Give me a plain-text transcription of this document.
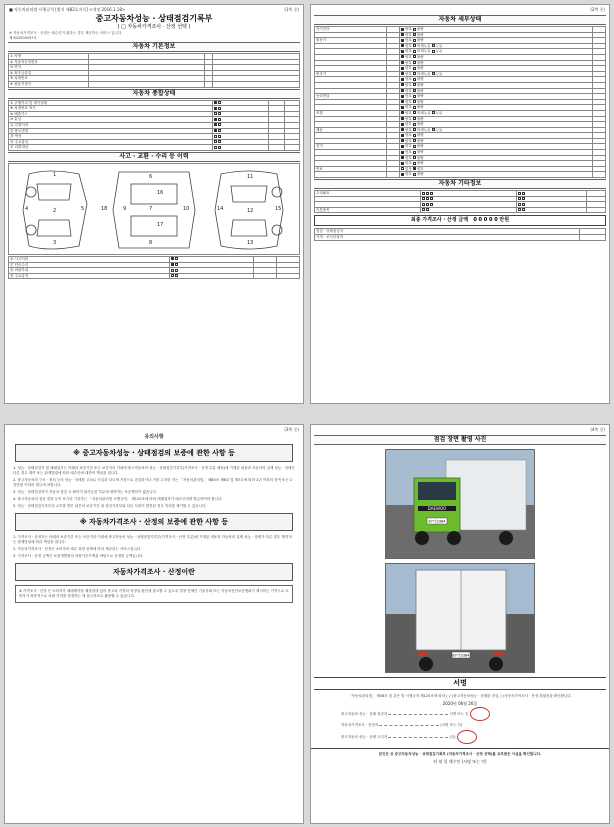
■ 자동차관리법 시행규칙 [별지 제82호서식] <개정 2016.1.18>	(1쪽 중)
중고자동차성능 · 상태점검기록부
( □ 자동차가격조사 · 산정 선택 )
※ 자동차가격조사 · 산정은 매수인이 원하는 경우 제공하는 서비스 입니다.
제 842000097호
자동차 기본정보
① 차명			
② 자동차등록번호			
③ 연식			
④ 최초등록일			
⑤ 차대번호			
⑥ 원동기형식			
자동차 종합상태
⑦ 주행거리 및 계기상태			
⑧ 차대번호 표기			
⑨ 배출가스			
⑩ 튜닝			
⑪ 특별이력			
⑫ 용도변경			
⑬ 색상			
⑭ 주요옵션			
⑮ 리콜대상			
사고 · 교환 · 수리 등 이력
1
2
3
4	5
6
7
8
9	10
11
12
13
14	15
16
17
18
⑯ 사고이력			
⑰ 단순수리			
⑱ 외판부위			
⑲ 주요골격			
(2쪽 중)
자동차 세부상태
자기진단		양호 불량	
		양호 불량	
원동기		양호 불량	
		양호 미세누유 누유	
		양호 미세누유 누유	
		양호 불량	
		양호 불량	
		양호 불량	
변속기		양호 미세누유 누유	
		양호 불량	
		양호 불량	
		양호 불량	
동력전달		양호 불량	
		양호 불량	
		양호 불량	
조향		양호 미세누유 누유	
		양호 불량	
		양호 불량	
제동		양호 미세누유 누유	
		양호 불량	
		양호 불량	
전기		양호 불량	
		양호 불량	
		양호 불량	
		양호 불량	
연료		없음 양호	
		양호 불량	
자동차 기타정보
수리필요			

기본품목			
최종 가격조사 · 산정 금액 0 0 0 0 0 만원
점검 · 상태점검자	
가격 · 조사산정자	
(3쪽 중)
유의사항
※ 중고자동차성능 · 상태점검의 보증에 관한 사항 등
1. 성능 · 상태점검자 및 매매업자는 아래의 보증기간 또는 보증거리 이내에 중고자동차의 성능 · 상태점검기록부(가격조사 · 산정 부분 제외)에 기재된 내용과 자동차의 실제 성능 · 상태가 다른 경우 계약 또는 관계법령에 따라 매수인에 대하여 책임을 집니다.
2. 중고자동차의 구조 · 장치 등의 성능 · 상태를 고의로 사실과 다르게 거짓으로 점검하거나 거짓 고지한 자는 「자동차관리법」 제80조 제6호 및 제7호에 따라 2년 이하의 징역 또는 2천만원 이하의 벌금에 처합니다.
3. 성능 · 상태점검자가 자동차 점검 시 확인이 불가능한 부분에 대하여는 보증책임이 없습니다.
4. 중고자동차의 점검 결과 등이 표기된 기록부는 「자동차관리법 시행규칙」 제120조에 따라 매매업자가 매수인에게 발급하여야 합니다.
5. 성능 · 상태점검기록부의 교부를 받은 날부터 보증기간 내 점검기록부와 다른 사항이 발견된 경우 이의를 제기할 수 있습니다.
※ 자동차가격조사 · 산정의 보증에 관한 사항 등
1. 가격조사 · 산정자는 아래의 보증기간 또는 보증거리 이내에 중고자동차 성능 · 상태점검기록부(가격조사 · 산정 부분)에 기재된 내용과 자동차의 실제 성능 · 상태가 다른 경우 계약 또는 관계법령에 따라 책임을 집니다.
2. 자동차가격조사 · 산정은 소비자의 매수 희망 선택에 따라 제공되는 서비스입니다.
3. 가격조사 · 산정 금액은 보험개발원의 차량기준가액을 바탕으로 산정한 금액입니다.
자동차가격조사 · 산정이란
※ 가격조사 · 산정 은 소비자가 매매계약을 체결함에 있어 중고차 가격의 적정성 판단에 참고할 수 있도록 법정 단체인 기술사회 또는 자동차진단보증협회가 제시하는 가격으로 소비자가 최종적으로 차량 가격을 결정하는 데 참고자료로 활용할 수 있습니다.
(4쪽 중)
점검 장면 촬영 사진
DAEWOO
87가3384
87가3384
서명
「자동차관리법」 제58조 및 같은 법 시행규칙 제120조에 따라 ( √ )중고자동차성능 · 상태를 점검, ( )자동차가격조사 · 산정 하였음을 확인합니다.
2020년 06월 26일
중고자동차 성능 · 상태 점검자	서명 또는 인
자동차가격조사 · 산정자	(서명 또는 인)
중고자동차 성능 · 상태 고지자	(인)
본인은 위 중고자동차성능 · 상태점검기록부 (자동차가격조사 · 산정 선택)를 교부받은 사실을 확인합니다.
년 월 일 매수인 (서명 또는 인)
